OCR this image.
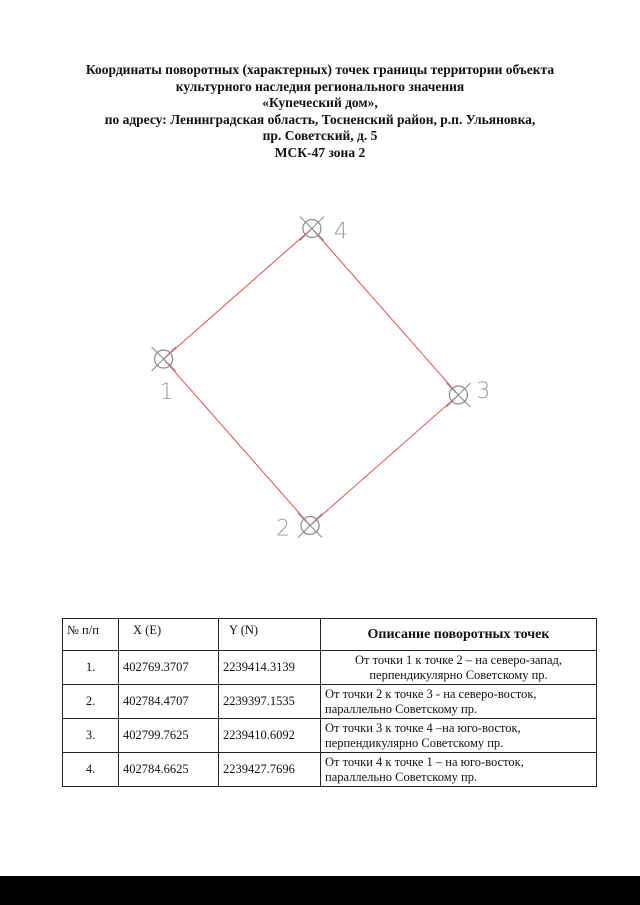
Координаты поворотных (характерных) точек границы территории объекта
культурного наследия регионального значения
«Купеческий дом»,
по адресу: Ленинградская область, Тосненский район, р.п. Ульяновка,
пр. Советский, д. 5
МСК-47 зона 2
1
2
3
4
№ п/п	X (E)	Y (N)	Описание поворотных точек
1.	402769.3707	2239414.3139	От точки 1 к точке 2 – на северо-запад,
перпендикулярно Советскому пр.

2.	402784.4707	2239397.1535	От точки 2 к точке 3 - на северо-восток,
параллельно Советскому пр.

3.	402799.7625	2239410.6092	От точки 3 к точке 4 –на юго-восток,
перпендикулярно Советскому пр.

4.	402784.6625	2239427.7696	От точки 4 к точке 1 – на юго-восток,
параллельно Советскому пр.
